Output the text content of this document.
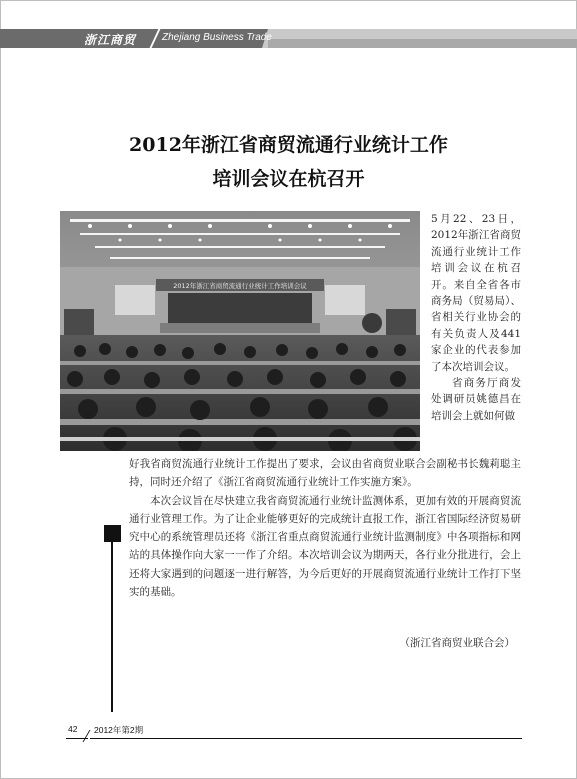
浙江商贸	Zhejiang Business Trade
2012年浙江省商贸流通行业统计工作
培训会议在杭召开
2012年浙江省商贸流通行业统计工作培训会议

5月22、23日，2012年浙江省商贸流通行业统计工作培训会议在杭召开。来自全省各市商务局（贸易局）、省相关行业协会的有关负责人及441家企业的代表参加了本次培训会议。

省商务厅商发处调研员姚德昌在培训会上就如何做

好我省商贸流通行业统计工作提出了要求，会议由省商贸业联合会副秘书长魏莉聪主持，同时还介绍了《浙江省商贸流通行业统计工作实施方案》。

本次会议旨在尽快建立我省商贸流通行业统计监测体系，更加有效的开展商贸流通行业管理工作。为了让企业能够更好的完成统计直报工作，浙江省国际经济贸易研究中心的系统管理员还将《浙江省重点商贸流通行业统计监测制度》中各项指标和网站的具体操作向大家一一作了介绍。本次培训会议为期两天，各行业分批进行，会上还将大家遇到的问题逐一进行解答，为今后更好的开展商贸流通行业统计工作打下坚实的基础。

（浙江省商贸业联合会）
42 2012年第2期
